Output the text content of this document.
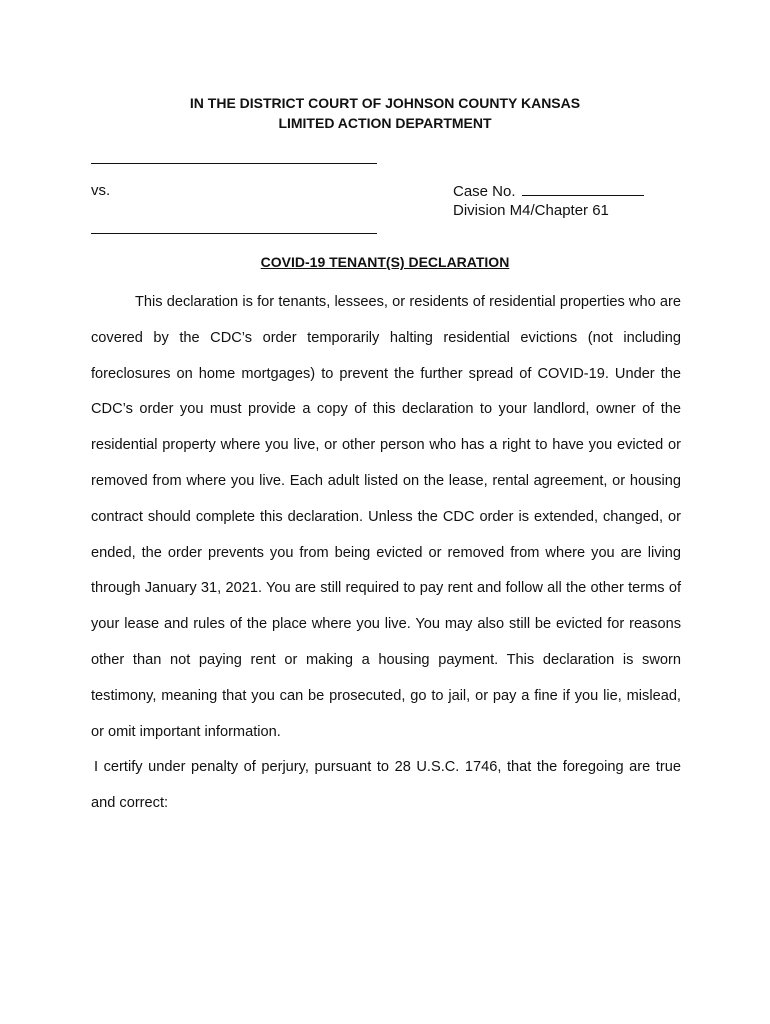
IN THE DISTRICT COURT OF JOHNSON COUNTY KANSAS
LIMITED ACTION DEPARTMENT
vs.	Case No.
Division M4/Chapter 61
COVID-19 TENANT(S) DECLARATION

This declaration is for tenants, lessees, or residents of residential properties who are covered by the CDC’s order temporarily halting residential evictions (not including foreclosures on home mortgages) to prevent the further spread of COVID-19. Under the CDC’s order you must provide a copy of this declaration to your landlord, owner of the residential property where you live, or other person who has a right to have you evicted or removed from where you live. Each adult listed on the lease, rental agreement, or housing contract should complete this declaration. Unless the CDC order is extended, changed, or ended, the order prevents you from being evicted or removed from where you are living through January 31, 2021. You are still required to pay rent and follow all the other terms of your lease and rules of the place where you live. You may also still be evicted for reasons other than not paying rent or making a housing payment. This declaration is sworn testimony, meaning that you can be prosecuted, go to jail, or pay a fine if you lie, mislead, or omit important information.

I certify under penalty of perjury, pursuant to 28 U.S.C. 1746, that the foregoing are true and correct:
